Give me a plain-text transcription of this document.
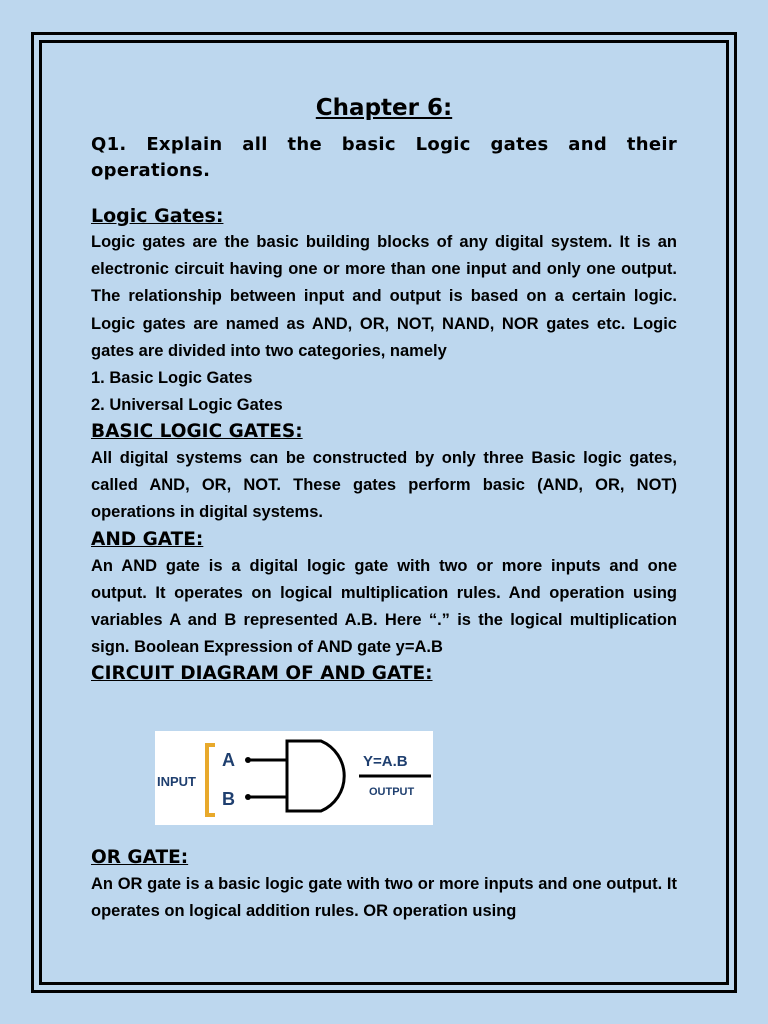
Chapter 6:

Q1. Explain all the basic Logic gates and their operations.

Logic Gates:

Logic gates are the basic building blocks of any digital system. It is an electronic circuit having one or more than one input and only one output. The relationship between input and output is based on a certain logic. Logic gates are named as AND, OR, NOT, NAND, NOR gates etc. Logic gates are divided into two categories, namely

1. Basic Logic Gates
2. Universal Logic Gates
BASIC LOGIC GATES:

All digital systems can be constructed by only three Basic logic gates, called AND, OR, NOT. These gates perform basic (AND, OR, NOT) operations in digital systems.

AND GATE:

An AND gate is a digital logic gate with two or more inputs and one output. It operates on logical multiplication rules. And operation using variables A and B represented A.B. Here “.” is the logical multiplication sign. Boolean Expression of AND gate y=A.B

CIRCUIT DIAGRAM OF AND GATE:
INPUT
A
B
Y=A.B
OUTPUT
OR GATE:

An OR gate is a basic logic gate with two or more inputs and one output. It operates on logical addition rules. OR operation using
